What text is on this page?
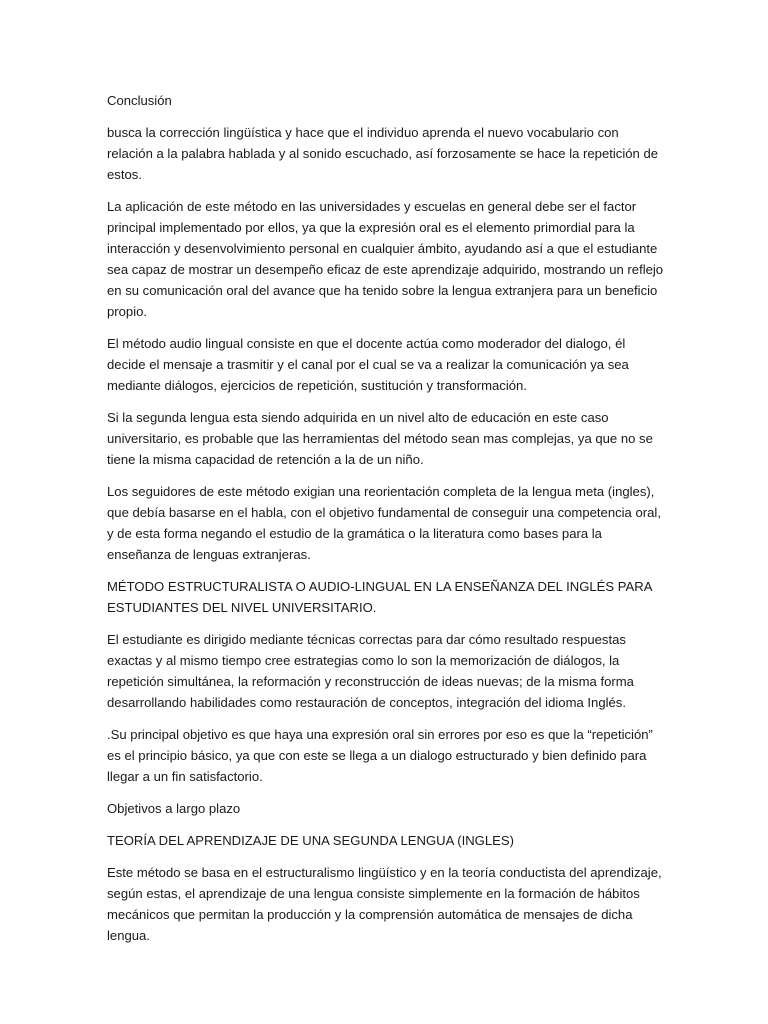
Conclusión

busca la corrección lingüística y hace que el individuo aprenda el nuevo vocabulario con relación a la palabra hablada y al sonido escuchado, así forzosamente se hace la repetición de estos.

La aplicación de este método en las universidades y escuelas en general debe ser el factor principal implementado por ellos, ya que la expresión oral es el elemento primordial para la interacción y desenvolvimiento personal en cualquier ámbito, ayudando así a que el estudiante sea capaz de mostrar un desempeño eficaz de este aprendizaje adquirido, mostrando un reflejo en su comunicación oral del avance que ha tenido sobre la lengua extranjera para un beneficio propio.

El método audio lingual consiste en que el docente actúa como moderador del dialogo, él decide el mensaje a trasmitir y el canal por el cual se va a realizar la comunicación ya sea mediante diálogos, ejercicios de repetición, sustitución y transformación.

Si la segunda lengua esta siendo adquirida en un nivel alto de educación en este caso universitario, es probable que las herramientas del método sean mas complejas, ya que no se tiene la misma capacidad de retención a la de un niño.

Los seguidores de este método exigian una reorientación completa de la lengua meta (ingles), que debía basarse en el habla, con el objetivo fundamental de conseguir una competencia oral, y de esta forma negando el estudio de la gramática o la literatura como bases para la enseñanza de lenguas extranjeras.

MÉTODO ESTRUCTURALISTA O AUDIO-LINGUAL EN LA ENSEÑANZA DEL INGLÉS PARA ESTUDIANTES DEL NIVEL UNIVERSITARIO.

El estudiante es dirigido mediante técnicas correctas para dar cómo resultado respuestas exactas y al mismo tiempo cree estrategias como lo son la memorización de diálogos, la repetición simultánea, la reformación y reconstrucción de ideas nuevas; de la misma forma desarrollando habilidades como restauración de conceptos, integración del idioma Inglés.

.Su principal objetivo es que haya una expresión oral sin errores por eso es que la “repetición” es el principio básico, ya que con este se llega a un dialogo estructurado y bien definido para llegar a un fin satisfactorio.

Objetivos a largo plazo

TEORÍA DEL APRENDIZAJE DE UNA SEGUNDA LENGUA (INGLES)

Este método se basa en el estructuralismo lingüístico y en la teoría conductista del aprendizaje, según estas, el aprendizaje de una lengua consiste simplemente en la formación de hábitos mecánicos que permitan la producción y la comprensión automática de mensajes de dicha lengua.
